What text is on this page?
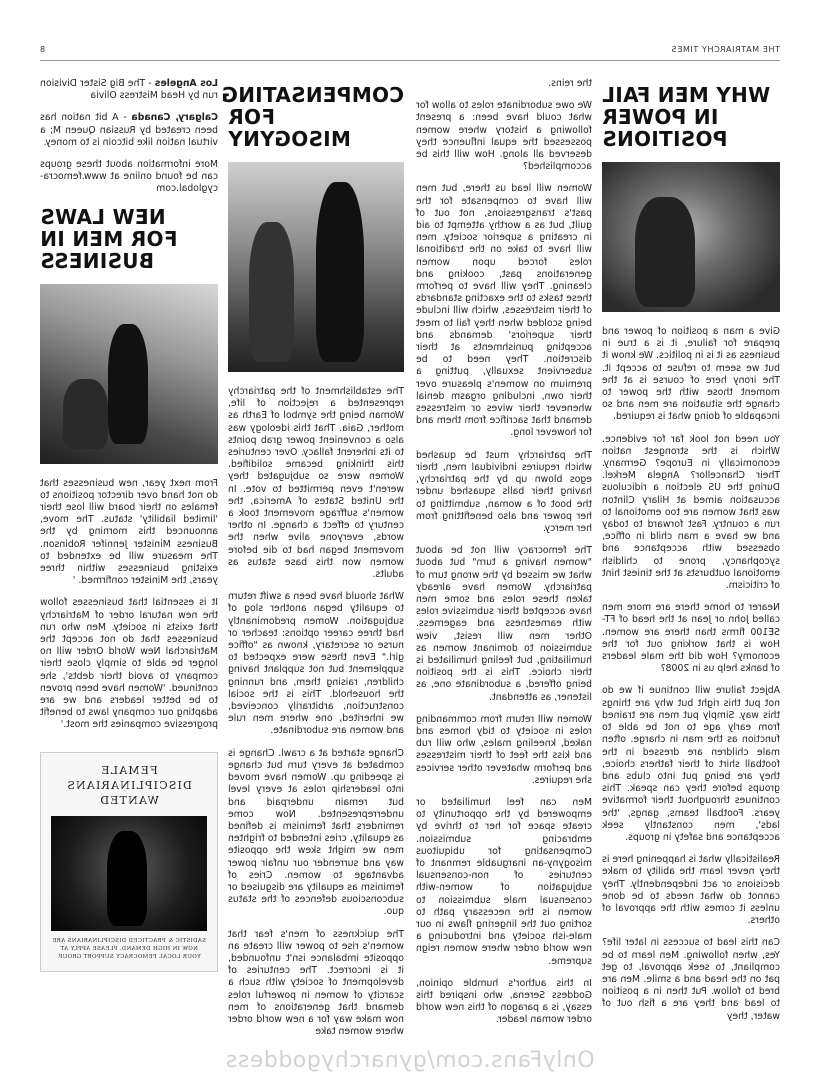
THE MATRIARCHY TIMES
8

Los Angeles - The Big Sister Division run by Head Mistress Olivia

Calgary, Canada - A bit nation has been created by Russian Queen M; a virtual nation like bitcoin is to money.

More information about these groups can be found online at www.femocra-cyglobal.com

NEW LAWS FOR MEN IN BUSINESS

From next year, new businesses that do not hand over director positions to females on their board will lose their 'limited liability' status. The move, announced this morning by the Business Minister Jennifer Robinson. The measure will be extended to existing businesses within three years, the Minister confirmed. '

It is essential that businesses follow the new natural order of Matriarchy that exists in society. Men who run businesses that do not accept the Matriarchal New World Order will no longer be able to simply close their company to avoid their debts', she continued. 'Women have been proven to be better leaders and we are adapting our company laws to benefit progressive companies the most.'

FEMALE DISCIPLINARIANS WANTED
SADISTIC & PRACTICED DISCIPLINARIANS ARE NOW IN HIGH DEMAND. PLEASE APPLY AT YOUR LOCAL FEMOCRACY SUPPORT GROUP.
COMPENSATING FOR MISOGYNY

The establishment of the patriarchy represented a rejection of life, Woman being the symbol of Earth as mother, Gaia. That this ideology was also a convenient power grab points to its inherent fallacy. Over centuries this thinking became solidified. Women were so subjugated they weren't even permitted to vote. In the United States of America, the women's suffrage movement took a century to effect a change. In other words, everyone alive when the movement began had to die before women won this base status as adults.

What should have been a swift return to equality began another slog of subjugation. Women predominantly had three career options: teacher or nurse or secretary, known as "office girl." Even these were expected to supplement but not supplant having children, raising them, and running the household. This is the social construction, arbitrarily conceived, we inherited, one where men rule and women are subordinate.

Change started at a crawl. Change is combated at every turn but change is speeding up. Women have moved into leadership roles at every level but remain underpaid and underrepresented. Now come reminders that feminism is defined as equality, cries intended to frighten men we might skew the opposite way and surrender our unfair power advantage to women. Cries of feminism as equality are disguised or subconscious defences of the status quo.

The quickness of men's fear that women's rise to power will create an opposite imbalance isn't unfounded, it is incorrect. The centuries of development of society with such a scarcity of women in powerful roles demand that generations of men now make way for a new world order where women take

the reins.

We owe subordinate roles to allow for what could have been: a present following a history where women possessed the equal influence they deserved all along. How will this be accomplished?

Women will lead us there, but men will have to compensate for the past's transgressions, not out of guilt, but as a worthy attempt to aid in creating a superior society. men will have to take on the traditional roles forced upon women generations past, cooking and cleaning. They will have to perform these tasks to the exacting standards of their mistresses, which will include being scolded when they fail to meet their superiors' demands and accepting punishments at their discretion. They need to be subservient sexually, putting a premium on women's pleasure over their own, including orgasm denial whenever their wives or mistresses demand that sacrifice from them and for however long.

The patriarchy must be quashed which requires individual men, their egos blown up by the patriarchy, having their balls squashed under the boot of a woman, submitting to her power and also benefitting from her mercy.

The femocracy will not be about "women having a turn" but about what we missed by the wrong turn of patriarchy. Women have already taken these roles and some men have accepted their submissive roles with earnestness and eagerness. Other men will resist, view submission to dominant women as humiliating, but feeling humiliated is their choice. This is the position being offered, a subordinate one, as listener, as attendant.

Women will return from commanding roles in society to tidy homes and naked, kneeling males, who will rub and kiss the feet of their mistresses and perform whatever other services she requires.

Men can feel humiliated or empowered by the opportunity to create space for her to thrive by embracing submission. Compensating for ubiquitous misogyny-an inarguable remnant of centuries of non-consensual subjugation of women-with consensual male submission to women is the necessary path to sorting out the lingering flaws in our male-ish society and introducing a new world order where women reign supreme.

In this author's humble opinion, Goddess Serena, who inspired this essay, is a paragon of this new world order woman leader.

WHY MEN FAIL IN POWER POSITIONS

Give a man a position of power and prepare for failure, it is a true in business as it is in politics. We know it but we seem to refuse to accept it. The irony here of course is at the moment those with the power to change the situation are men and so incapable of doing what is required.

You need not look far for evidence. Which is the strongest nation economically in Europe? Germany. Their Chancellor? Angela Merkel. During the US election a ridiculous accusation aimed at Hilary Clinton was that women are too emotional to run a country. Fast forward to today and we have a man child in office, obsessed with acceptance and sycophancy, prone to childish emotional outbursts at the tiniest hint of criticism.

Nearer to home there are more men called John or Jean at the head of FT-SE100 firms than there are women. How is that working out for the economy? How did the male leaders of banks help us in 2008?

Abject failure will continue if we do not put this right but why are things this way. Simply put men are trained from early age to not be able to function as the man in charge. often male children are dressed in the football shirt of their fathers choice, they are being put into clubs and groups before they can speak. This continues throughout their formative years. Football teams, gangs, 'the lads', men constantly seek acceptance and safety in groups.

Realistically what is happening here is they never learn the ability to make decisions or act independently. They cannot do what needs to be done unless it comes with the approval of others.

Can this lead to success in later life? Yes, when following. Men learn to be compliant, to seek approval, to get pat on the head and a smile. Men are bred to follow. Put then in a position to lead and they are a fish out of water, they

OnlyFans.com/gynarchygoddess
